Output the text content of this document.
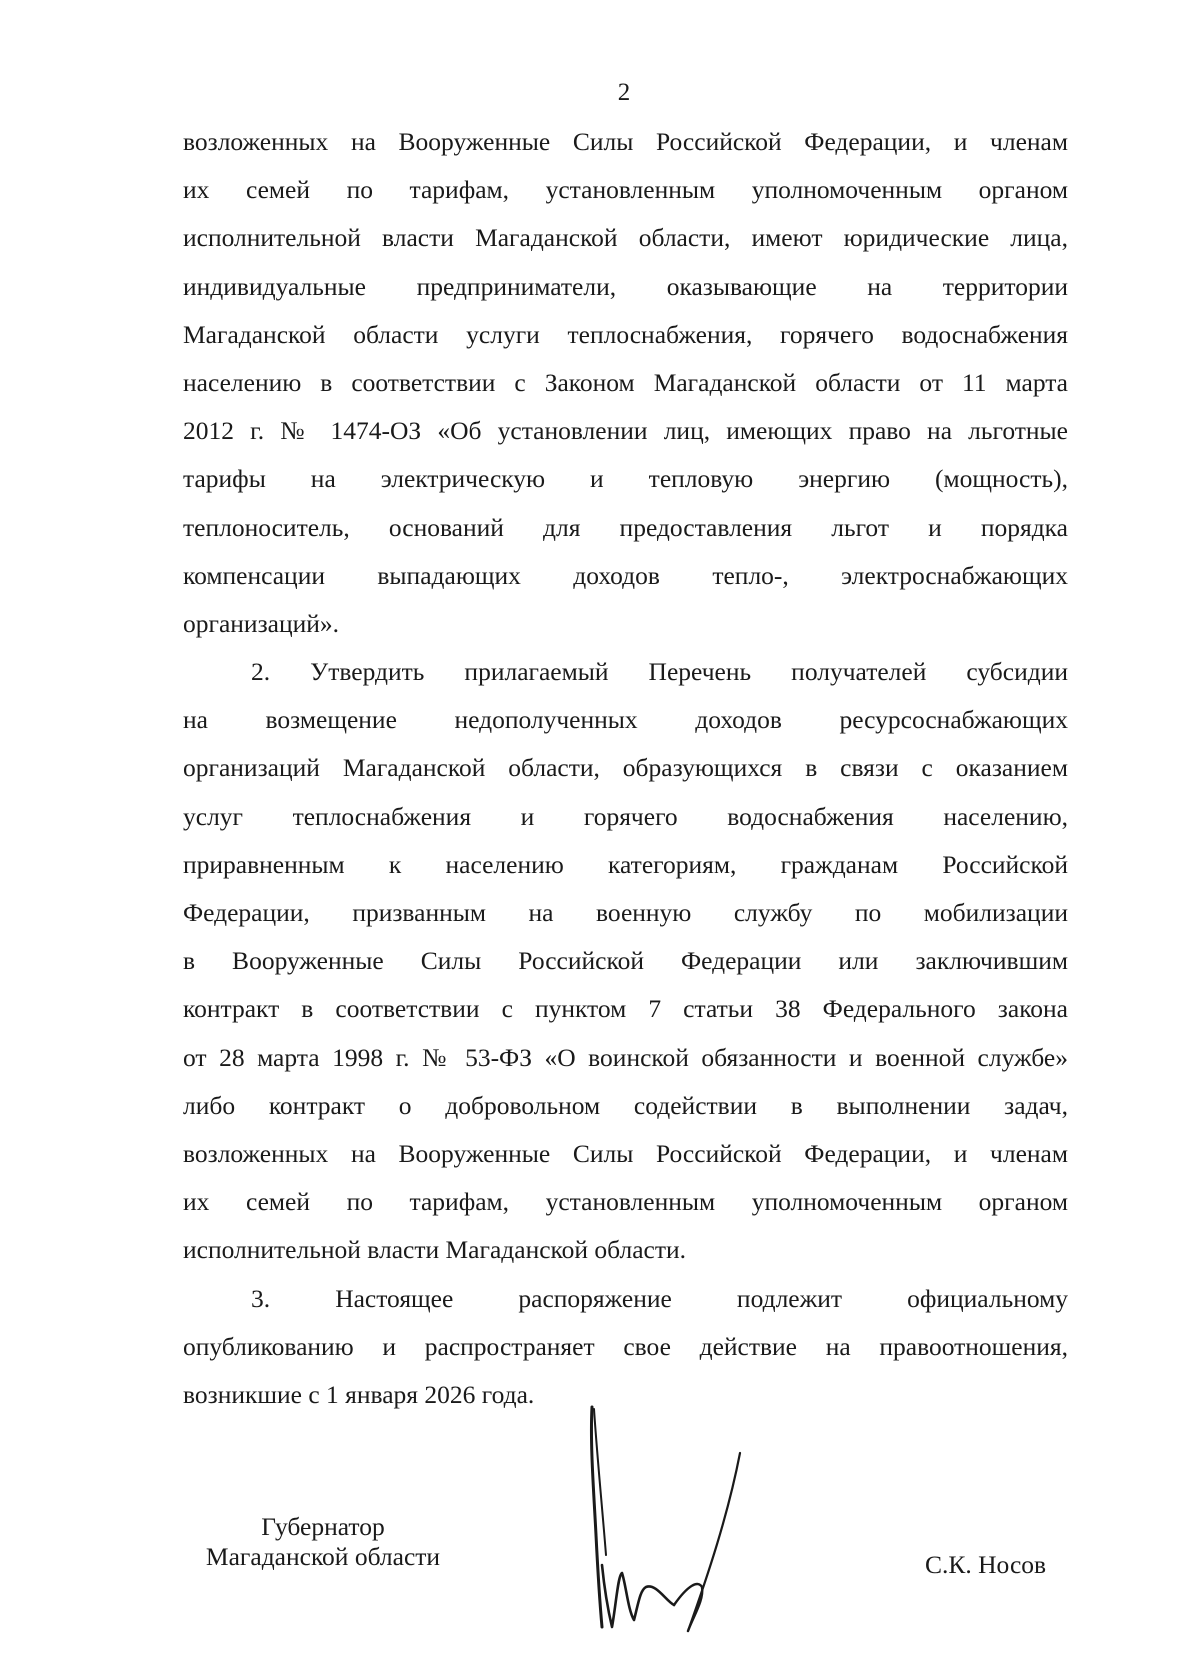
2
возложенных на Вооруженные Силы Российской Федерации, и членам
их семей по тарифам, установленным уполномоченным органом
исполнительной власти Магаданской области, имеют юридические лица,
индивидуальные предприниматели, оказывающие на территории
Магаданской области услуги теплоснабжения, горячего водоснабжения
населению в соответствии с Законом Магаданской области от 11 марта
2012 г. № 1474-ОЗ «Об установлении лиц, имеющих право на льготные
тарифы на электрическую и тепловую энергию (мощность),
теплоноситель, оснований для предоставления льгот и порядка
компенсации выпадающих доходов тепло-, электроснабжающих
организаций».
2. Утвердить прилагаемый Перечень получателей субсидии
на возмещение недополученных доходов ресурсоснабжающих
организаций Магаданской области, образующихся в связи с оказанием
услуг теплоснабжения и горячего водоснабжения населению,
приравненным к населению категориям, гражданам Российской
Федерации, призванным на военную службу по мобилизации
в Вооруженные Силы Российской Федерации или заключившим
контракт в соответствии с пунктом 7 статьи 38 Федерального закона
от 28 марта 1998 г. № 53-ФЗ «О воинской обязанности и военной службе»
либо контракт о добровольном содействии в выполнении задач,
возложенных на Вооруженные Силы Российской Федерации, и членам
их семей по тарифам, установленным уполномоченным органом
исполнительной власти Магаданской области.
3. Настоящее распоряжение подлежит официальному
опубликованию и распространяет свое действие на правоотношения,
возникшие с 1 января 2026 года.
Губернатор
Магаданской области	С.К. Носов
